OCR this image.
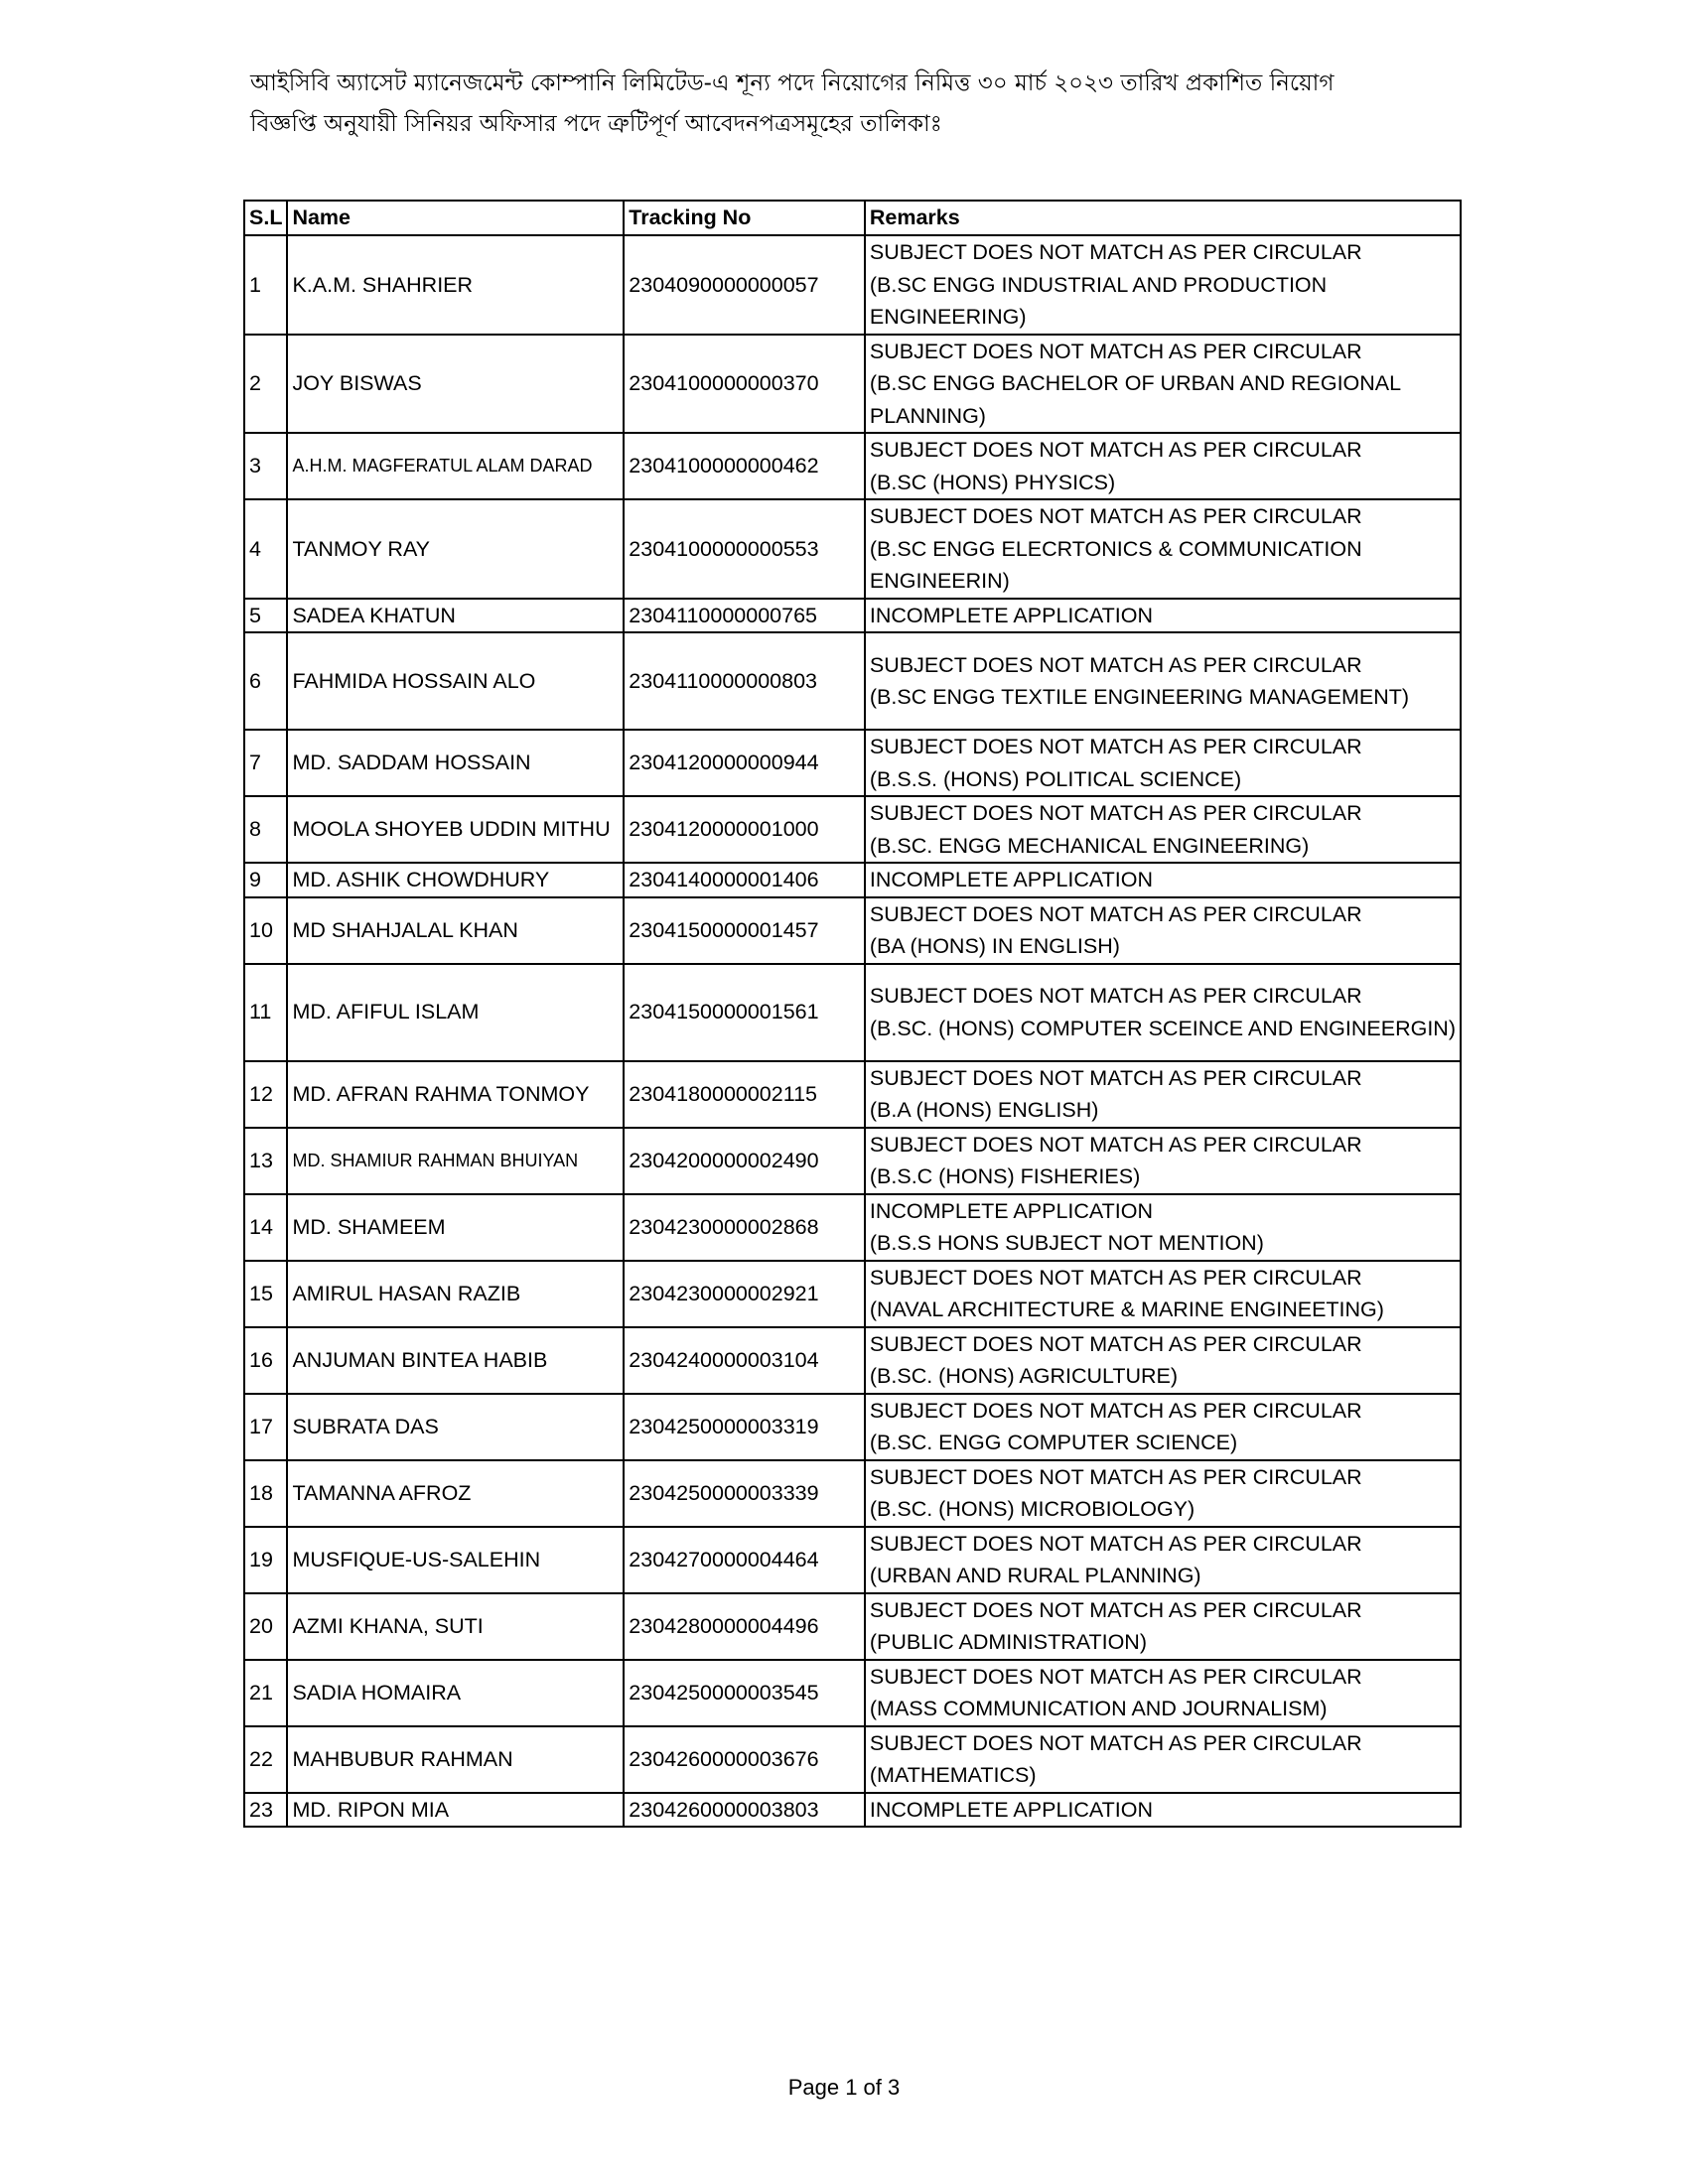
আইসিবি অ্যাসেট ম্যানেজমেন্ট কোম্পানি লিমিটেড-এ শূন্য পদে নিয়োগের নিমিত্ত ৩০ মার্চ ২০২৩ তারিখ প্রকাশিত নিয়োগ
বিজ্ঞপ্তি অনুযায়ী সিনিয়র অফিসার পদে ত্রুটিপূর্ণ আবেদনপত্রসমূহের তালিকাঃ
S.L	Name	Tracking No	Remarks
1	K.A.M. SHAHRIER	2304090000000057	SUBJECT DOES NOT MATCH AS PER CIRCULAR
(B.SC ENGG INDUSTRIAL AND PRODUCTION
ENGINEERING)

2	JOY BISWAS	2304100000000370	SUBJECT DOES NOT MATCH AS PER CIRCULAR
(B.SC ENGG BACHELOR OF URBAN AND REGIONAL
PLANNING)

3	A.H.M. MAGFERATUL ALAM DARAD	2304100000000462	SUBJECT DOES NOT MATCH AS PER CIRCULAR
(B.SC (HONS) PHYSICS)

4	TANMOY RAY	2304100000000553	SUBJECT DOES NOT MATCH AS PER CIRCULAR
(B.SC ENGG ELECRTONICS & COMMUNICATION
ENGINEERIN)

5	SADEA KHATUN	2304110000000765	INCOMPLETE APPLICATION

6	FAHMIDA HOSSAIN ALO	2304110000000803	SUBJECT DOES NOT MATCH AS PER CIRCULAR
(B.SC ENGG TEXTILE ENGINEERING MANAGEMENT)

7	MD. SADDAM HOSSAIN	2304120000000944	SUBJECT DOES NOT MATCH AS PER CIRCULAR
(B.S.S. (HONS) POLITICAL SCIENCE)

8	MOOLA SHOYEB UDDIN MITHU	2304120000001000	SUBJECT DOES NOT MATCH AS PER CIRCULAR
(B.SC. ENGG MECHANICAL ENGINEERING)

9	MD. ASHIK CHOWDHURY	2304140000001406	INCOMPLETE APPLICATION

10	MD SHAHJALAL KHAN	2304150000001457	SUBJECT DOES NOT MATCH AS PER CIRCULAR
(BA (HONS) IN ENGLISH)

11	MD. AFIFUL ISLAM	2304150000001561	SUBJECT DOES NOT MATCH AS PER CIRCULAR
(B.SC. (HONS) COMPUTER SCEINCE AND ENGINEERGIN)

12	MD. AFRAN RAHMA TONMOY	2304180000002115	SUBJECT DOES NOT MATCH AS PER CIRCULAR
(B.A (HONS) ENGLISH)

13	MD. SHAMIUR RAHMAN BHUIYAN	2304200000002490	SUBJECT DOES NOT MATCH AS PER CIRCULAR
(B.S.C (HONS) FISHERIES)

14	MD. SHAMEEM	2304230000002868	INCOMPLETE APPLICATION
(B.S.S HONS SUBJECT NOT MENTION)

15	AMIRUL HASAN RAZIB	2304230000002921	SUBJECT DOES NOT MATCH AS PER CIRCULAR
(NAVAL ARCHITECTURE & MARINE ENGINEETING)

16	ANJUMAN BINTEA HABIB	2304240000003104	SUBJECT DOES NOT MATCH AS PER CIRCULAR
(B.SC. (HONS) AGRICULTURE)

17	SUBRATA DAS	2304250000003319	SUBJECT DOES NOT MATCH AS PER CIRCULAR
(B.SC. ENGG COMPUTER SCIENCE)

18	TAMANNA AFROZ	2304250000003339	SUBJECT DOES NOT MATCH AS PER CIRCULAR
(B.SC. (HONS) MICROBIOLOGY)

19	MUSFIQUE-US-SALEHIN	2304270000004464	SUBJECT DOES NOT MATCH AS PER CIRCULAR
(URBAN AND RURAL PLANNING)

20	AZMI KHANA, SUTI	2304280000004496	SUBJECT DOES NOT MATCH AS PER CIRCULAR
(PUBLIC ADMINISTRATION)

21	SADIA HOMAIRA	2304250000003545	SUBJECT DOES NOT MATCH AS PER CIRCULAR
(MASS COMMUNICATION AND JOURNALISM)

22	MAHBUBUR RAHMAN	2304260000003676	SUBJECT DOES NOT MATCH AS PER CIRCULAR
(MATHEMATICS)

23	MD. RIPON MIA	2304260000003803	INCOMPLETE APPLICATION
Page 1 of 3
